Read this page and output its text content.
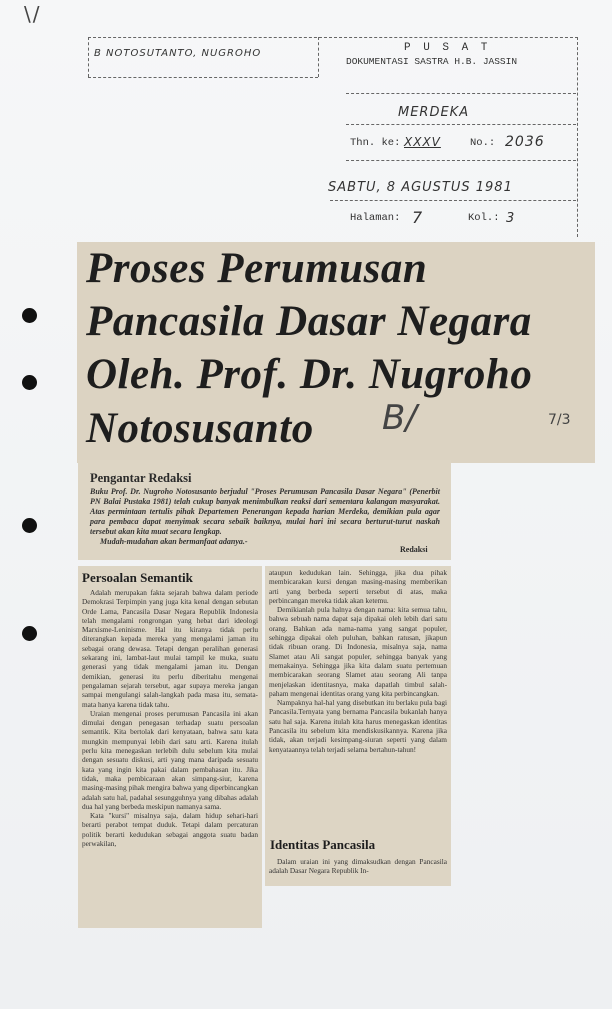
\/
B NOTOSUTANTO, NUGROHO	P U S A T
DOKUMENTASI SASTRA H.B. JASSIN
MERDEKA
Thn. ke: XXXV	No.: 2036
SABTU, 8 AGUSTUS 1981
Halaman: 7	Kol.: 3
Proses Perumusan
Pancasila Dasar Negara
Oleh. Prof. Dr. Nugroho
Notosusanto B/	7/3
Pengantar Redaksi
Buku Prof. Dr. Nugroho Notosusanto berjudul "Proses Perumusan Pancasila Dasar Negara" (Penerbit PN Balai Pustaka 1981) telah cukup banyak menimbulkan reaksi dari sementara kalangan masyarakat. Atas permintaan tertulis pihak Departemen Penerangan kepada harian Merdeka, demikian pula agar para pembaca dapat menyimak secara sebaik baiknya, mulai hari ini secara berturut-turut naskah tersebut akan kita muat secara lengkap.
Mudah-mudahan akan bermanfaat adanya.-
Redaksi
Persoalan Semantik

Adalah merupakan fakta sejarah bahwa dalam periode Demokrasi Terpimpin yang juga kita kenal dengan sebutan Orde Lama, Pancasila Dasar Negara Republik Indonesia telah mengalami rongrongan yang hebat dari ideologi Marxisme-Leninisme. Hal itu kiranya tidak perlu diterangkan kepada mereka yang mengalami jaman itu sebagai orang dewasa. Tetapi dengan peralihan generasi sekarang ini, lambat-laut mulai tampil ke muka, suatu generasi yang tidak mengalami jaman itu. Dengan demikian, generasi itu perlu diberitahu mengenai pengalaman sejarah tersebut, agar supaya mereka jangan sampai mengulangi salah-langkah pada masa itu, semata-mata hanya karena tidak tahu.

Uraian mengenai proses perumusan Pancasila ini akan dimulai dengan penegasan terhadap suatu persoalan semantik. Kita bertolak dari kenyataan, bahwa satu kata mungkin mempunyai lebih dari satu arti. Karena itulah perlu kita menegaskan terlebih dulu sebelum kita mulai dengan sesuatu diskusi, arti yang mana daripada sesuatu kata yang ingin kita pakai dalam pembahasan itu. Jika tidak, maka pembicaraan akan simpang-siur, karena masing-masing pihak mengira bahwa yang diperbincangkan adalah satu hal, padahal sesungguhnya yang dibahas adalah dua hal yang berbeda meskipun namanya sama.

Kata "kursi" misalnya saja, dalam hidup sehari-hari berarti perabot tempat duduk. Tetapi dalam percaturan politik berarti kedudukan sebagai anggota suatu badan perwakilan,

ataupun kedudukan lain. Sehingga, jika dua pihak membicarakan kursi dengan masing-masing memberikan arti yang berbeda seperti tersebut di atas, maka perbincangan mereka tidak akan ketemu.

Demikianlah pula halnya dengan nama: kita semua tahu, bahwa sebuah nama dapat saja dipakai oleh lebih dari satu orang. Bahkan ada nama-nama yang sangat populer, sehingga dipakai oleh puluhan, bahkan ratusan, jikapun tidak ribuan orang. Di Indonesia, misalnya saja, nama Slamet atau Ali sangat populer, sehingga banyak yang memakainya. Sehingga jika kita dalam suatu pertemuan membicarakan seorang Slamet atau seorang Ali tanpa menjelaskan identitasnya, maka dapatlah timbul salah-paham mengenai identitas orang yang kita perbincangkan.

Nampaknya hal-hal yang disebutkan itu berlaku pula bagi Pancasila.Ternyata yang bernama Pancasila bukanlah hanya satu hal saja. Karena itulah kita harus menegaskan identitas Pancasila itu sebelum kita mendiskusikannya. Karena jika tidak, akan terjadi kesimpang-siuran seperti yang dalam kenyataannya telah terjadi selama bertahun-tahun!

Identitas Pancasila

Dalam uraian ini yang dimaksudkan dengan Pancasila adalah Dasar Negara Republik In-
